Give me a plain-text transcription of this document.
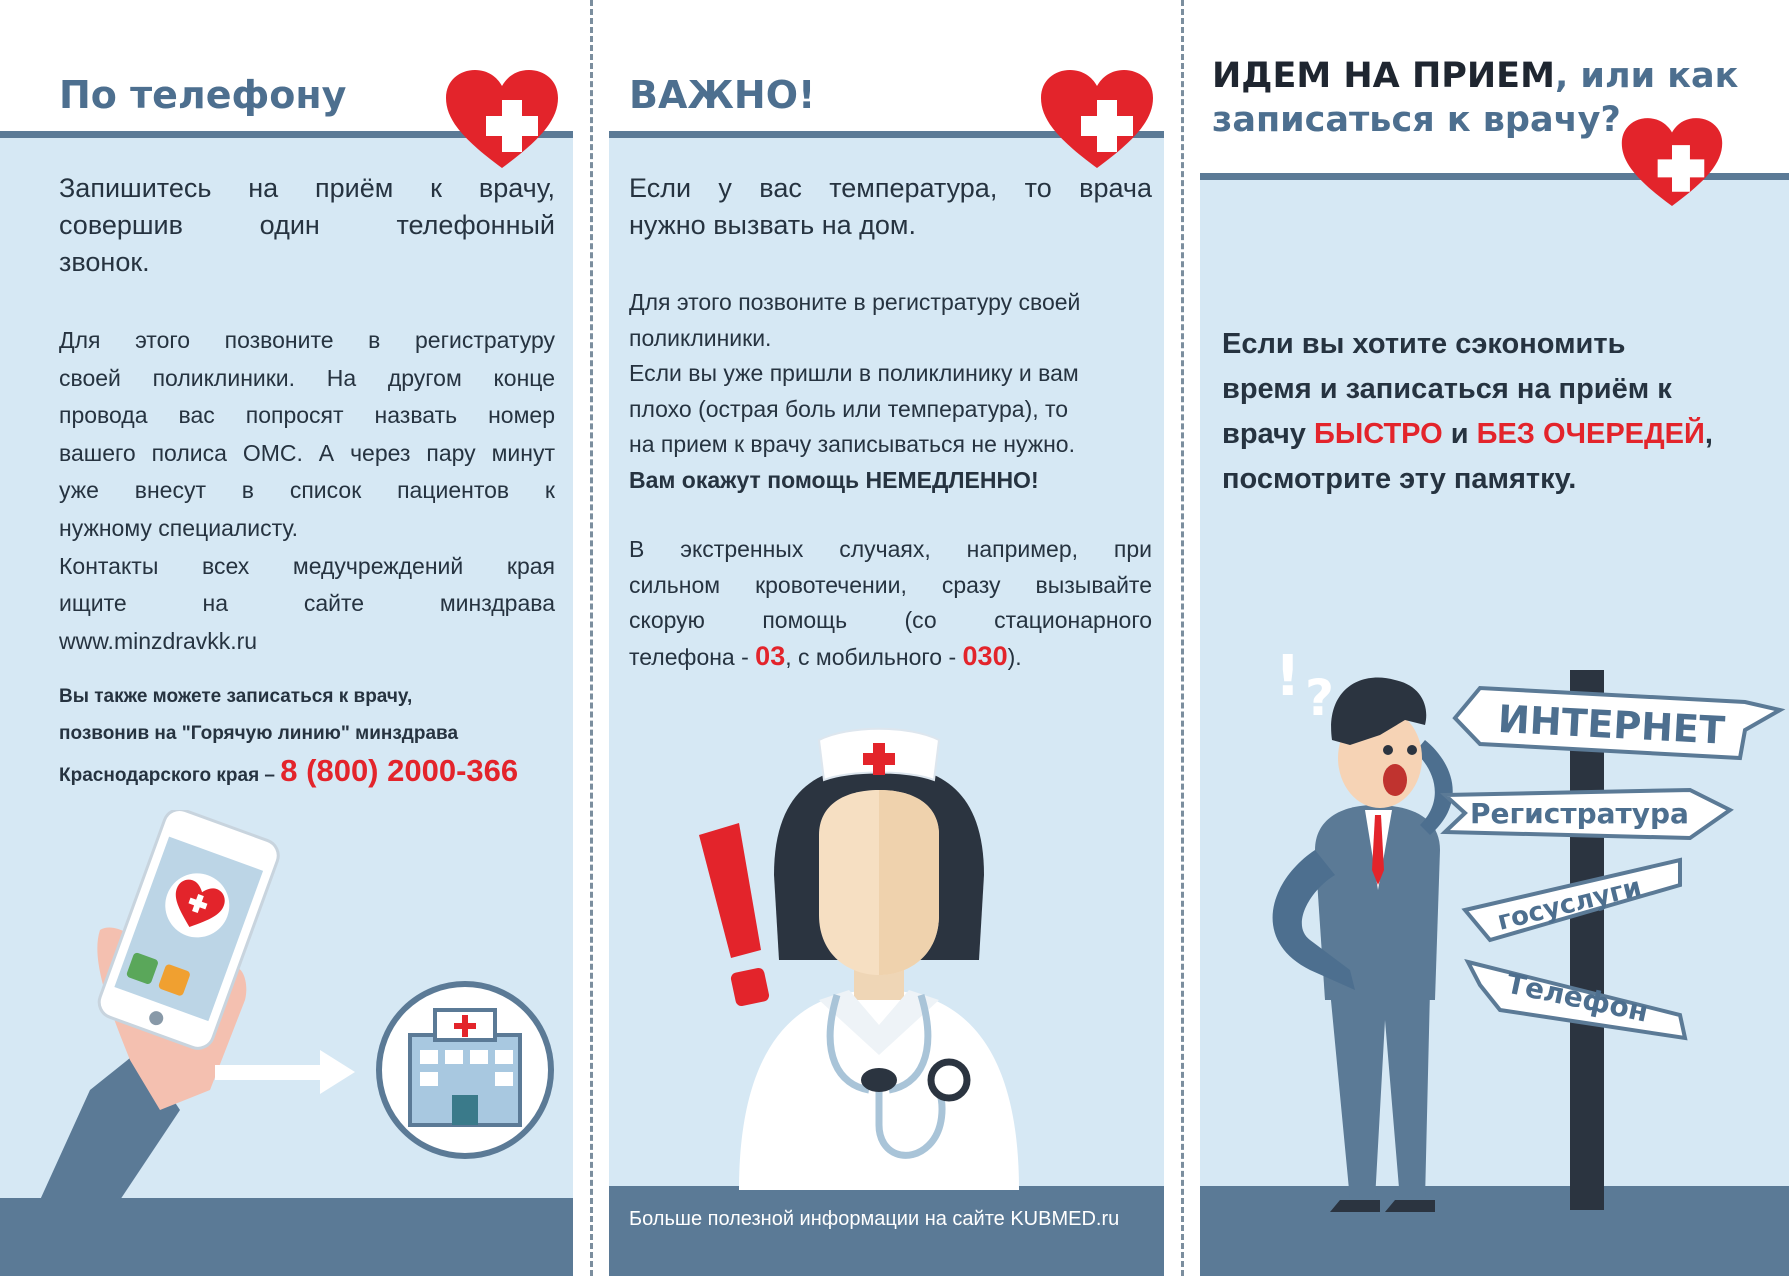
По телефону
Запишитесь на приём к врачу,
совершив один телефонный
звонок.
Для этого позвоните в регистратуру
своей поликлиники. На другом конце
провода вас попросят назвать номер
вашего полиса ОМС. А через пару минут
уже внесут в список пациентов к
нужному специалисту.
Контакты всех медучреждений края
ищите на сайте минздрава
www.minzdravkk.ru
Вы также можете записаться к врачу,
позвонив на "Горячую линию" минздрава
Краснодарского края – 8 (800) 2000-366
ВАЖНО!
Если у вас температура, то врача
нужно вызвать на дом.
Для этого позвоните в регистратуру своей
поликлиники.
Если вы уже пришли в поликлинику и вам
плохо (острая боль или температура), то
на прием к врачу записываться не нужно.
Вам окажут помощь НЕМЕДЛЕННО!
В экстренных случаях, например, при
сильном кровотечении, сразу вызывайте
скорую помощь (со стационарного
телефона - 03, с мобильного - 030).
Больше полезной информации на сайте KUBMED.ru
ИДЕМ НА ПРИЕМ, или как
записаться к врачу?
Если вы хотите сэкономить
время и записаться на приём к
врачу БЫСТРО и БЕЗ ОЧЕРЕДЕЙ,
посмотрите эту памятку.
! ?	ИНТЕРНЕТ
Регистратура
госуслуги
Телефон
